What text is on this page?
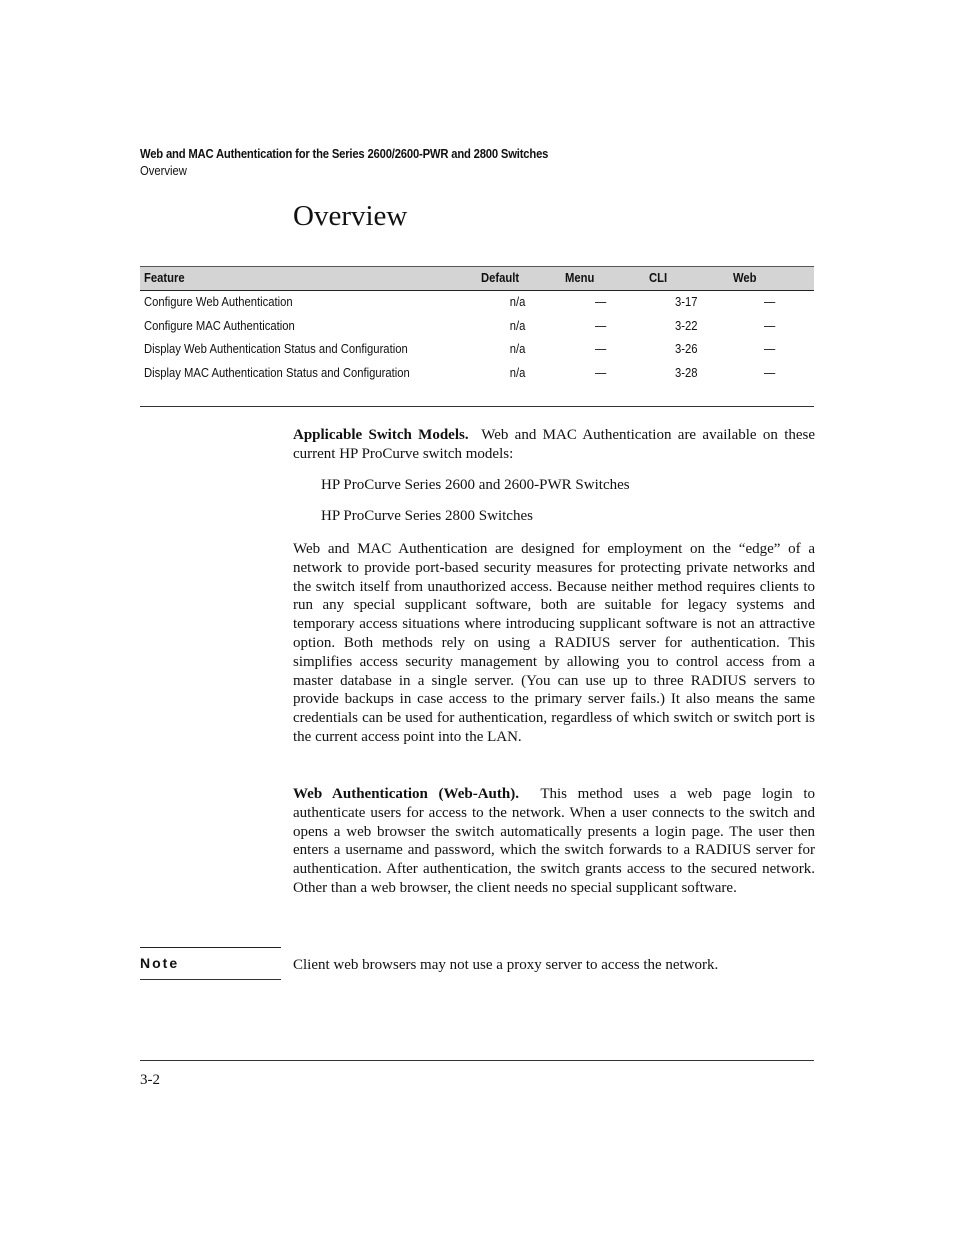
Web and MAC Authentication for the Series 2600/2600-PWR and 2800 Switches
Overview
Overview
Feature	Default	Menu	CLI	Web
Configure Web Authentication	n/a	—	3-17	—
Configure MAC Authentication	n/a	—	3-22	—
Display Web Authentication Status and Configuration	n/a	—	3-26	—
Display MAC Authentication Status and Configuration	n/a	—	3-28	—

Applicable Switch Models. Web and MAC Authentication are available on these current HP ProCurve switch models:

HP ProCurve Series 2600 and 2600-PWR Switches
HP ProCurve Series 2800 Switches

Web and MAC Authentication are designed for employment on the “edge” of a network to provide port-based security measures for protecting private networks and the switch itself from unauthorized access. Because neither method requires clients to run any special supplicant software, both are suitable for legacy systems and temporary access situations where introducing supplicant software is not an attractive option. Both methods rely on using a RADIUS server for authentication. This simplifies access security management by allowing you to control access from a master database in a single server. (You can use up to three RADIUS servers to provide backups in case access to the primary server fails.) It also means the same credentials can be used for authentication, regardless of which switch or switch port is the current access point into the LAN.

Web Authentication (Web-Auth). This method uses a web page login to authenticate users for access to the network. When a user connects to the switch and opens a web browser the switch automatically presents a login page. The user then enters a username and password, which the switch forwards to a RADIUS server for authentication. After authentication, the switch grants access to the secured network. Other than a web browser, the client needs no special supplicant software.

Note	Client web browsers may not use a proxy server to access the network.
3-2
